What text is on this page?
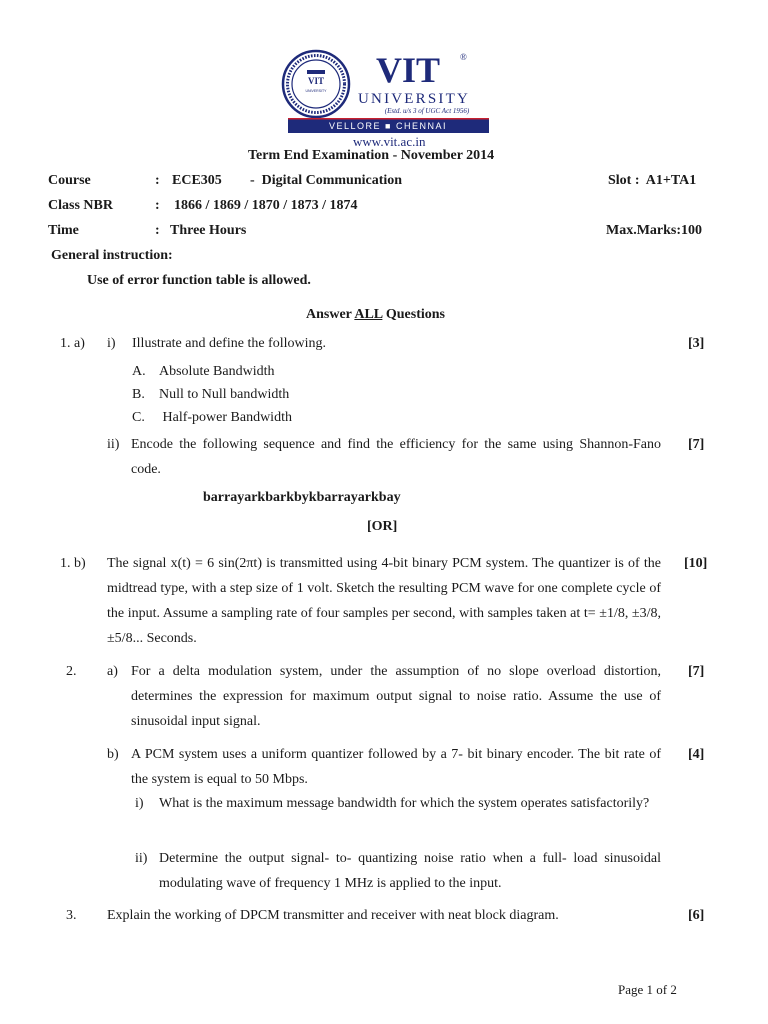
VIT
UNIVERSITY
VIT ®
UNIVERSITY
(Estd. u/s 3 of UGC Act 1956)
VELLORE ■ CHENNAI
www.vit.ac.in
Term End Examination - November 2014
Course	: ECE305 -  Digital Communication	Slot :  A1+TA1
Class NBR	: 1866 / 1869 / 1870 / 1873 / 1874
Time	: Three Hours	Max.Marks:100
General instruction:
Use of error function table is allowed.
Answer ALL Questions
1. a) i) Illustrate and define the following.	[3]
A. Absolute Bandwidth
B. Null to Null bandwidth
C. Half-power Bandwidth
ii) Encode the following sequence and find the efficiency for the same using Shannon-Fano code.
[7]
barrayarkbarkbykbarrayarkbay
[OR]
1. b) The signal x(t) = 6 sin(2πt) is transmitted using 4-bit binary PCM system. The quantizer is of the midtread type, with a step size of 1 volt. Sketch the resulting PCM wave for one complete cycle of the input. Assume a sampling rate of four samples per second, with samples taken at t= ±1/8, ±3/8, ±5/8... Seconds.
[10]
2. a) For a delta modulation system, under the assumption of no slope overload distortion, determines the expression for maximum output signal to noise ratio. Assume the use of sinusoidal input signal.
[7]
b) A PCM system uses a uniform quantizer followed by a 7- bit binary encoder. The bit rate of the system is equal to 50 Mbps.
[4]
i) What is the maximum message bandwidth for which the system operates satisfactorily?
ii) Determine the output signal- to- quantizing noise ratio when a full- load sinusoidal modulating wave of frequency 1 MHz is applied to the input.
3. Explain the working of DPCM transmitter and receiver with neat block diagram.	[6]
Page 1 of 2
